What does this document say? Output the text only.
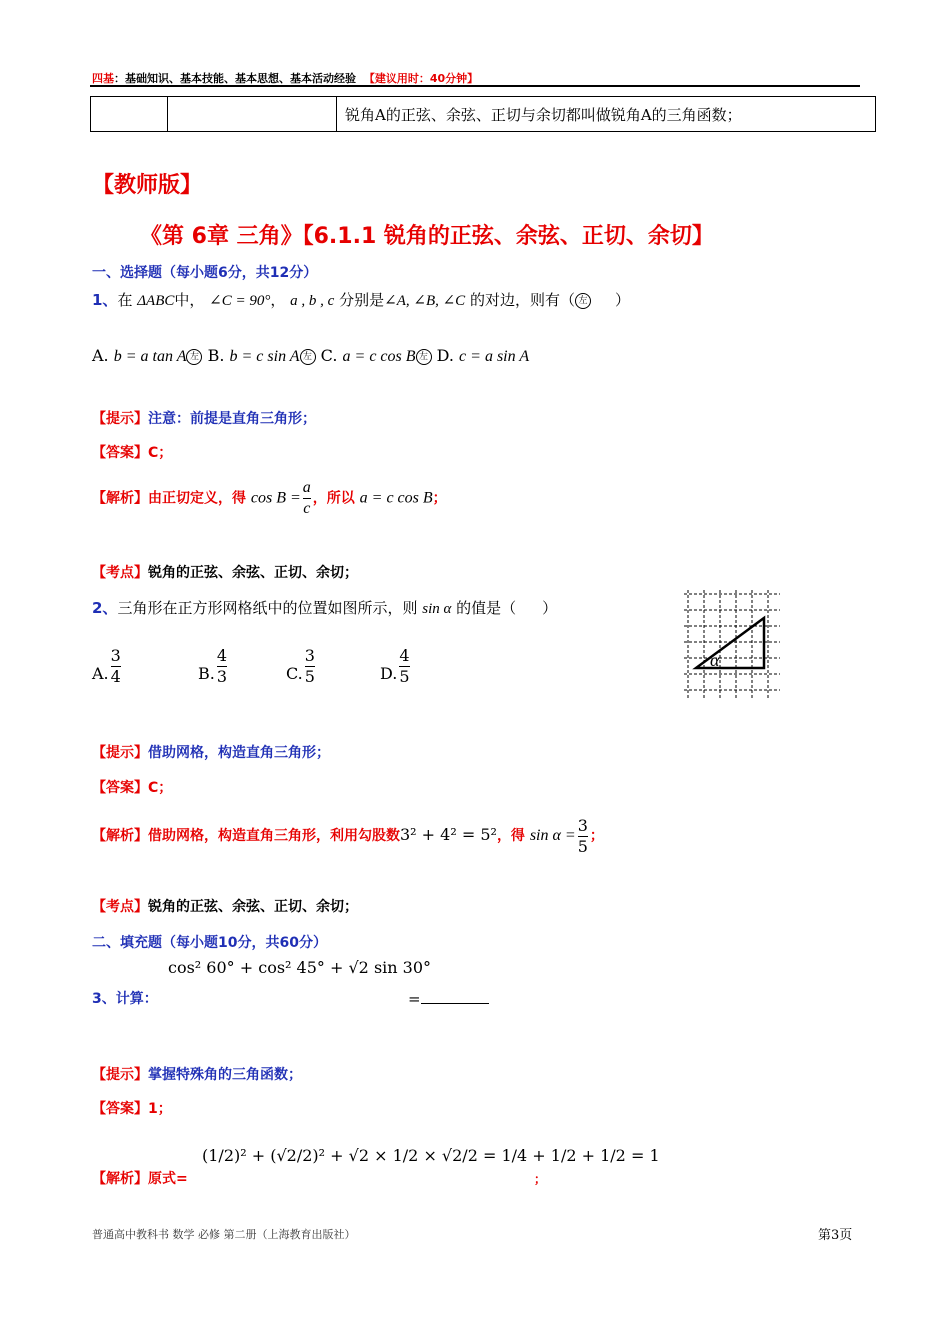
四基：基础知识、基本技能、基本思想、基本活动经验 【建议用时：40分钟】
		锐角A的正弦、余弦、正切与余切都叫做锐角A的三角函数；
【教师版】
《第 6章 三角》【6.1.1 锐角的正弦、余弦、正切、余切】
一、选择题（每小题6分，共12分）
1、在 ΔABC中， ∠C = 90°， a , b , c 分别是∠A, ∠B, ∠C 的对边，则有（ 左 ）
A. b = a tan A 左 B. b = c sin A 左 C. a = c cos B 左 D. c = a sin A
【提示】注意：前提是直角三角形；
【答案】C；
【解析】由正切定义，得 $\cos B = \frac{a}{c}$ ，所以 a = c cos B；
【考点】锐角的正弦、余弦、正切、余切；
2、三角形在正方形网格纸中的位置如图所示，则 sin α 的值是（ ）
α
A. $\frac{3}{4}$	B. $\frac{4}{3}$	C. $\frac{3}{5}$	D. $\frac{4}{5}$
【提示】借助网格，构造直角三角形；
【答案】C；
【解析】借助网格，构造直角三角形，利用勾股数3² + 4² = 5²，得 $\sin \alpha = \frac{3}{5}$ ；
【考点】锐角的正弦、余弦、正切、余切；
二、填充题（每小题10分，共60分）
cos² 60° + cos² 45° + √2 sin 30°
3、计算：	=
【提示】掌握特殊角的三角函数；
【答案】1；
【解析】原式=
(1/2)² + (√2/2)² + √2 × 1/2 × √2/2 = 1/4 + 1/2 + 1/2 = 1
；
普通高中教科书 数学 必修 第二册（上海教育出版社）	第3页
